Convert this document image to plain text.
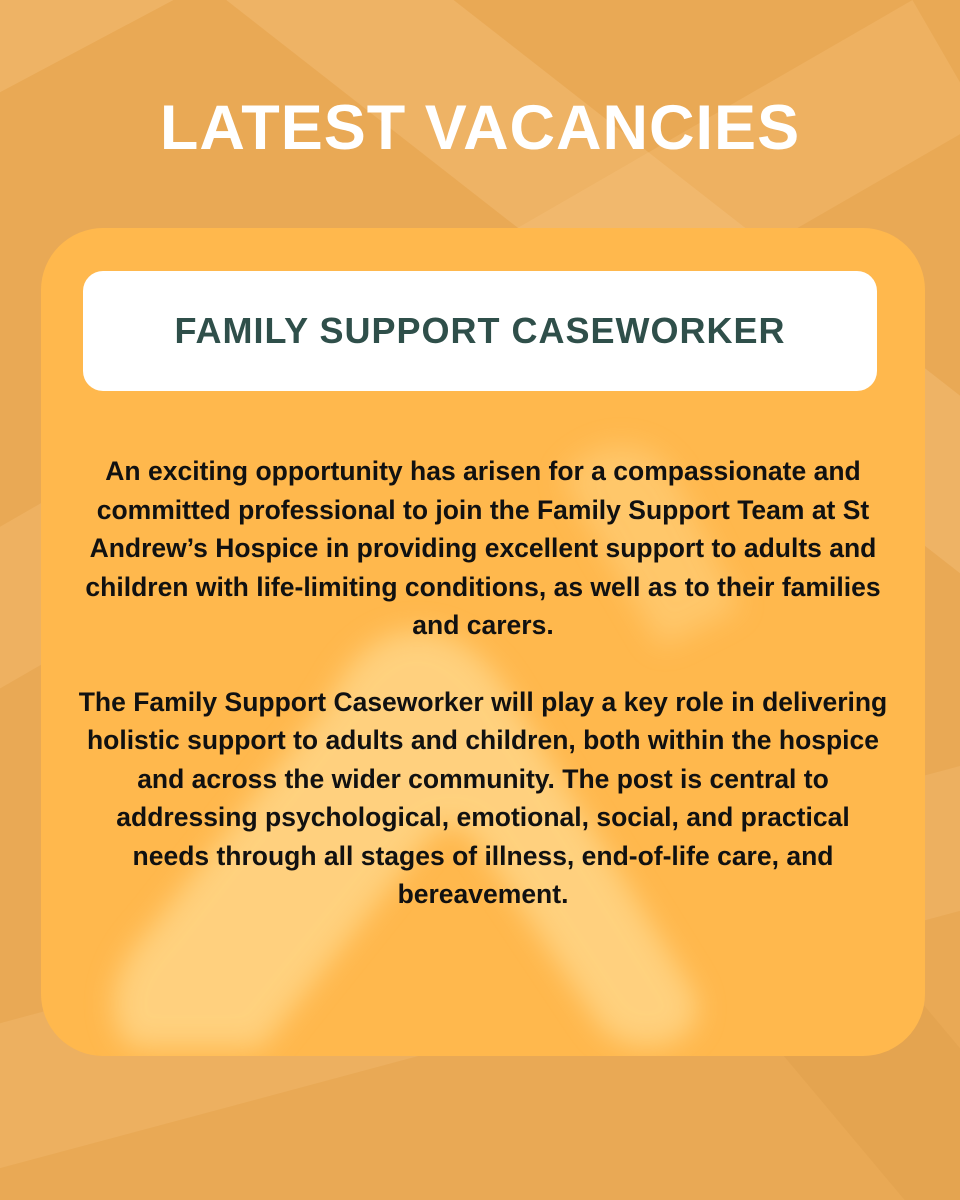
LATEST VACANCIES
FAMILY SUPPORT CASEWORKER

An exciting opportunity has arisen for a compassionate and committed professional to join the Family Support Team at St Andrew’s Hospice in providing excellent support to adults and children with life-limiting conditions, as well as to their families and carers.

The Family Support Caseworker will play a key role in delivering holistic support to adults and children, both within the hospice and across the wider community. The post is central to addressing psychological, emotional, social, and practical needs through all stages of illness, end-of-life care, and bereavement.
